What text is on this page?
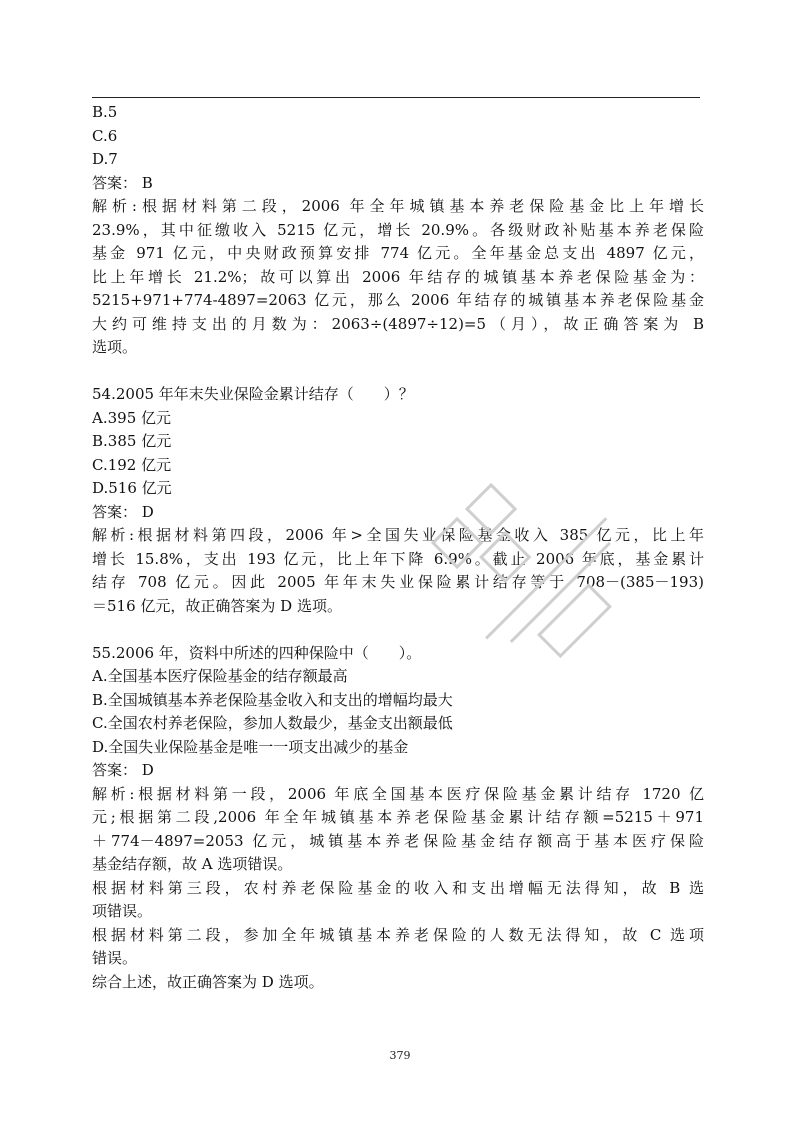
B.5
C.6
D.7
答案： B
解析:根据材料第二段，2006 年全年城镇基本养老保险基金比上年增长
23.9%，其中征缴收入 5215 亿元，增长 20.9%。各级财政补贴基本养老保险
基金 971 亿元，中央财政预算安排 774 亿元。全年基金总支出 4897 亿元，
比上年增长 21.2%；故可以算出 2006 年结存的城镇基本养老保险基金为：
5215+971+774-4897=2063 亿元，那么 2006 年结存的城镇基本养老保险基金
大约可维持支出的月数为：2063÷(4897÷12)=5（月），故正确答案为 B
选项。
54.2005 年年末失业保险金累计结存（　　）？
A.395 亿元
B.385 亿元
C.192 亿元
D.516 亿元
答案： D
解析:根据材料第四段，2006 年>全国失业保险基金收入 385 亿元，比上年
增长 15.8%，支出 193 亿元，比上年下降 6.9%。截止 2006 年底，基金累计
结存 708 亿元。因此 2005 年年末失业保险累计结存等于 708－(385－193)
＝516 亿元，故正确答案为 D 选项。
55.2006 年，资料中所述的四种保险中（　　）。
A.全国基本医疗保险基金的结存额最高
B.全国城镇基本养老保险基金收入和支出的增幅均最大
C.全国农村养老保险，参加人数最少，基金支出额最低
D.全国失业保险基金是唯一一项支出减少的基金
答案： D
解析:根据材料第一段，2006 年底全国基本医疗保险基金累计结存 1720 亿
元;根据第二段,2006 年全年城镇基本养老保险基金累计结存额=5215＋971
＋774－4897=2053 亿元，城镇基本养老保险基金结存额高于基本医疗保险
基金结存额，故 A 选项错误。
根据材料第三段，农村养老保险基金的收入和支出增幅无法得知，故 B 选
项错误。
根据材料第二段，参加全年城镇基本养老保险的人数无法得知，故 C 选项
错误。
综合上述，故正确答案为 D 选项。
379
